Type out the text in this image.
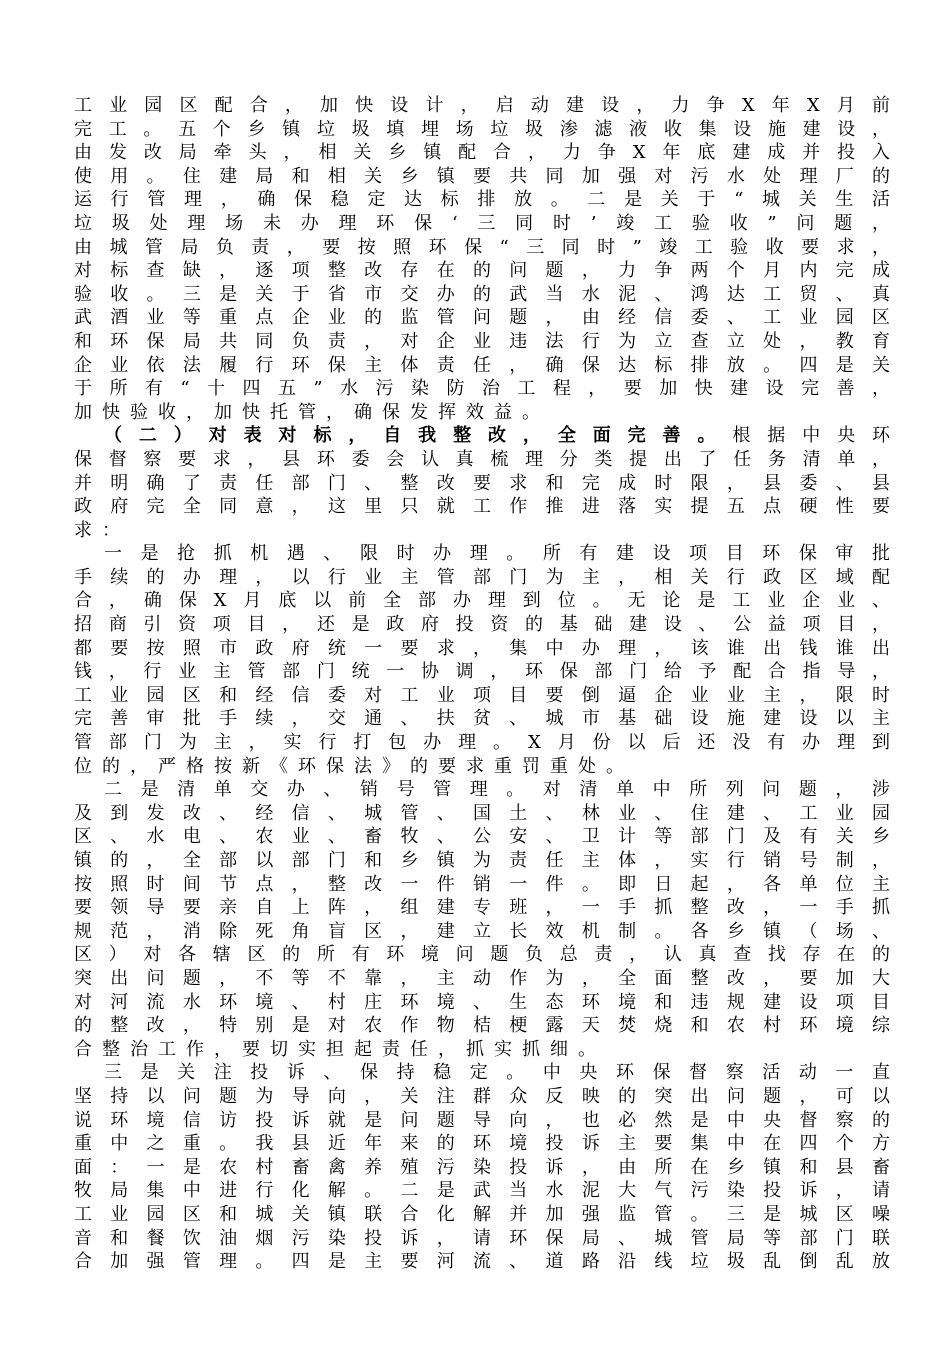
工业园区配合，加快设计，启动建设，力争X年X月前
完工。五个乡镇垃圾填埋场垃圾渗滤液收集设施建设，
由发改局牵头，相关乡镇配合，力争X年底建成并投入
使用。住建局和相关乡镇要共同加强对污水处理厂的
运行管理，确保稳定达标排放。二是关于“城关生活
垃圾处理场未办理环保‘三同时’竣工验收”问题，
由城管局负责，要按照环保“三同时”竣工验收要求，
对标查缺，逐项整改存在的问题，力争两个月内完成
验收。三是关于省市交办的武当水泥、鸿达工贸、真
武酒业等重点企业的监管问题，由经信委、工业园区
和环保局共同负责，对企业违法行为立查立处，教育
企业依法履行环保主体责任，确保达标排放。四是关
于所有“十四五”水污染防治工程，要加快建设完善，
加快验收，加快托管，确保发挥效益。
（二）对表对标，自我整改，全面完善。根据中央环
保督察要求，县环委会认真梳理分类提出了任务清单，
并明确了责任部门、整改要求和完成时限，县委、县
政府完全同意，这里只就工作推进落实提五点硬性要
求：
一是抢抓机遇、限时办理。所有建设项目环保审批
手续的办理，以行业主管部门为主，相关行政区域配
合，确保X月底以前全部办理到位。无论是工业企业、
招商引资项目，还是政府投资的基础建设、公益项目，
都要按照市政府统一要求，集中办理，该谁出钱谁出
钱，行业主管部门统一协调，环保部门给予配合指导，
工业园区和经信委对工业项目要倒逼企业业主，限时
完善审批手续，交通、扶贫、城市基础设施建设以主
管部门为主，实行打包办理。X月份以后还没有办理到
位的，严格按新《环保法》的要求重罚重处。
二是清单交办、销号管理。对清单中所列问题，涉
及到发改、经信、城管、国土、林业、住建、工业园
区、水电、农业、畜牧、公安、卫计等部门及有关乡
镇的，全部以部门和乡镇为责任主体，实行销号制，
按照时间节点，整改一件销一件。即日起，各单位主
要领导要亲自上阵，组建专班，一手抓整改，一手抓
规范，消除死角盲区，建立长效机制。各乡镇（场、
区）对各辖区的所有环境问题负总责，认真查找存在的
突出问题，不等不靠，主动作为，全面整改，要加大
对河流水环境、村庄环境、生态环境和违规建设项目
的整改，特别是对农作物桔梗露天焚烧和农村环境综
合整治工作，要切实担起责任，抓实抓细。
三是关注投诉、保持稳定。中央环保督察活动一直
坚持以问题为导向，关注群众反映的突出问题，可以
说环境信访投诉就是问题导向，也必然是中央督察的
重中之重。我县近年来的环境投诉主要集中在四个方
面：一是农村畜禽养殖污染投诉，由所在乡镇和县畜
牧局集中进行化解。二是武当水泥大气污染投诉，请
工业园区和城关镇联合化解并加强监管。三是城区噪
音和餐饮油烟污染投诉，请环保局、城管局等部门联
合加强管理。四是主要河流、道路沿线垃圾乱倒乱放
